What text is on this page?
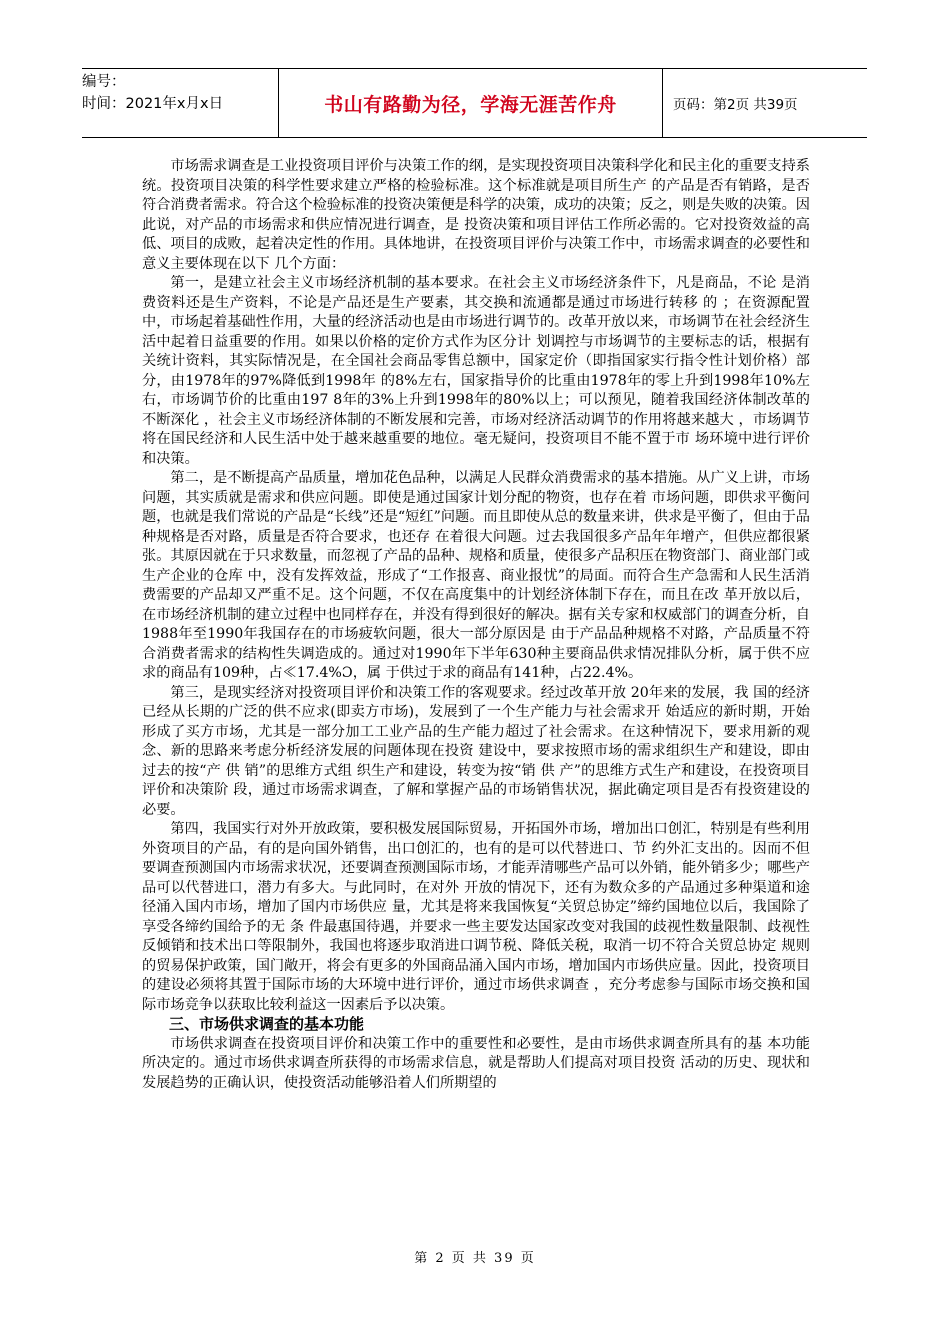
编号：
时间：2021年x月x日	书山有路勤为径，学海无涯苦作舟	页码：第2页 共39页

市场需求调查是工业投资项目评价与决策工作的纲，是实现投资项目决策科学化和民主化的重要支持系统。投资项目决策的科学性要求建立严格的检验标准。这个标准就是项目所生产 的产品是否有销路，是否符合消费者需求。符合这个检验标准的投资决策便是科学的决策，成功的决策；反之，则是失败的决策。因此说，对产品的市场需求和供应情况进行调查，是 投资决策和项目评估工作所必需的。它对投资效益的高低、项目的成败，起着决定性的作用。具体地讲，在投资项目评价与决策工作中，市场需求调查的必要性和意义主要体现在以下 几个方面：

第一，是建立社会主义市场经济机制的基本要求。在社会主义市场经济条件下，凡是商品，不论 是消费资料还是生产资料，不论是产品还是生产要素，其交换和流通都是通过市场进行转移 的 ；在资源配置中，市场起着基础性作用，大量的经济活动也是由市场进行调节的。改革开放以来，市场调节在社会经济生活中起着日益重要的作用。如果以价格的定价方式作为区分计 划调控与市场调节的主要标志的话，根据有关统计资料，其实际情况是，在全国社会商品零售总额中，国家定价（即指国家实行指令性计划价格）部分，由1978年的97%降低到1998年 的8%左右，国家指导价的比重由1978年的零上升到1998年10%左右，市场调节价的比重由197 8年的3%上升到1998年的80%以上；可以预见，随着我国经济体制改革的不断深化 ，社会主义市场经济体制的不断发展和完善，市场对经济活动调节的作用将越来越大 ，市场调节将在国民经济和人民生活中处于越来越重要的地位。毫无疑问，投资项目不能不置于市 场环境中进行评价和决策。

第二，是不断提高产品质量，增加花色品种，以满足人民群众消费需求的基本措施。从广义上讲，市场问题，其实质就是需求和供应问题。即使是通过国家计划分配的物资，也存在着 市场问题，即供求平衡问题，也就是我们常说的产品是“长线”还是“短红”问题。而且即使从总的数量来讲，供求是平衡了，但由于品种规格是否对路，质量是否符合要求，也还存 在着很大问题。过去我国很多产品年年增产，但供应都很紧张。其原因就在于只求数量，而忽视了产品的品种、规格和质量，使很多产品积压在物资部门、商业部门或生产企业的仓库 中，没有发挥效益，形成了“工作报喜、商业报忧”的局面。而符合生产急需和人民生活消费需要的产品却又严重不足。这个问题，不仅在高度集中的计划经济体制下存在，而且在改 革开放以后，在市场经济机制的建立过程中也同样存在，并没有得到很好的解决。据有关专家和权威部门的调查分析，自1988年至1990年我国存在的市场疲软问题，很大一部分原因是 由于产品品种规格不对路，产品质量不符合消费者需求的结构性失调造成的。通过对1990年下半年630种主要商品供求情况排队分析，属于供不应求的商品有109种，占≪17.4%Ɔ，属 于供过于求的商品有141种，占22.4%。

第三，是现实经济对投资项目评价和决策工作的客观要求。经过改革开放 20年来的发展，我 国的经济已经从长期的广泛的供不应求(即卖方市场)，发展到了一个生产能力与社会需求开 始适应的新时期，开始形成了买方市场，尤其是一部分加工工业产品的生产能力超过了社会需求。在这种情况下，要求用新的观念、新的思路来考虑分析经济发展的问题体现在投资 建设中，要求按照市场的需求组织生产和建设，即由过去的按“产 供 销”的思维方式组 织生产和建设，转变为按“销 供 产”的思维方式生产和建设，在投资项目评价和决策阶 段，通过市场需求调查，了解和掌握产品的市场销售状况，据此确定项目是否有投资建设的必要。

第四，我国实行对外开放政策，要积极发展国际贸易，开拓国外市场，增加出口创汇，特别是有些利用外资项目的产品，有的是向国外销售，出口创汇的，也有的是可以代替进口、节 约外汇支出的。因而不但要调查预测国内市场需求状况，还要调查预测国际市场，才能弄清哪些产品可以外销，能外销多少；哪些产品可以代替进口，潜力有多大。与此同时，在对外 开放的情况下，还有为数众多的产品通过多种渠道和途径涌入国内市场，增加了国内市场供应 量，尤其是将来我国恢复“关贸总协定”缔约国地位以后，我国除了享受各缔约国给予的无 条 件最惠国待遇，并要求一些主要发达国家改变对我国的歧视性数量限制、歧视性反倾销和技术出口等限制外，我国也将逐步取消进口调节税、降低关税，取消一切不符合关贸总协定 规则的贸易保护政策，国门敞开，将会有更多的外国商品涌入国内市场，增加国内市场供应量。因此，投资项目的建设必须将其置于国际市场的大环境中进行评价，通过市场供求调查 ，充分考虑参与国际市场交换和国际市场竞争以获取比较利益这一因素后予以决策。

三、市场供求调查的基本功能

市场供求调查在投资项目评价和决策工作中的重要性和必要性，是由市场供求调查所具有的基 本功能所决定的。通过市场供求调查所获得的市场需求信息，就是帮助人们提高对项目投资 活动的历史、现状和发展趋势的正确认识，使投资活动能够沿着人们所期望的

第 2 页 共 39 页
